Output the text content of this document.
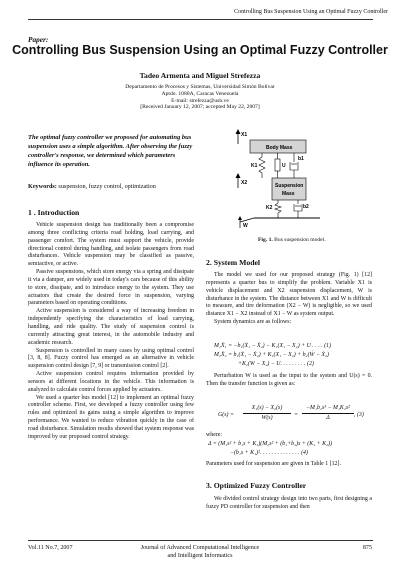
Controlling Bus Suspension Using an Optimal Fuzzy Controller
Paper:
Controlling Bus Suspension Using an Optimal Fuzzy Controller
Tadeo Armenta and Miguel Strefezza
Departamento de Procesos y Sistemas, Universidad Simón Bolívar
Aptdo. 1080A, Caracas Venezuela
E-mail: strefezza@usb.ve
[Received January 12, 2007; accepted May 22, 2007]
The optimal fuzzy controller we proposed for automating bus suspension uses a simple algorithm. After observing the fuzzy controller's response, we determined which parameters influence its operation.
Keywords: suspension, fuzzy control, optimization
1 . Introduction

Vehicle suspension design has traditionally been a compromise among three conflicting criteria road holding, load carrying, and passenger comfort. The system must support the vehicle, provide directional control during handling, and isolate passengers from road disturbances. Vehicle suspension may be classified as passive, semiactive, or active.

Passive suspensions, which store energy via a spring and dissipate it via a damper, are widely used in today's cars because of this ability to store, dissipate, and to introduce energy to the system. They use actuators that create the desired force in suspension, varying parameters based on operating conditions.

Active suspension is considered a way of increasing freedom in independently specifying the characteristics of load carrying, handling, and ride quality. The study of suspension control is currently attracting great interest, in the automobile industry and academic research.

Suspension is controlled in many cases by using optimal control [3, 8, 8]. Fuzzy control has emerged as an alternative in vehicle suspension control design [7, 9] or transmission control [2].

Active suspension control requires information provided by sensors at different locations in the vehicle. This information is analyzed to calculate control forces applied by actuators.

We used a quarter bus model [12] to implement an optimal fuzzy controller scheme. First, we developed a fuzzy controller using few rules and optimized its gains using a simple algorithm to improve performance. We wanted to reduce vibration quickly in the case of road disturbance. Simulation results showed that system response was improved by our proposed control strategy.

X1
Body Mass
K1	U
b1
X2	Suspension
Mass
K2	b2
W
Fig. 1. Bus suspension model.
2. System Model

The model we used for our proposed strategy (Fig. 1) [12] represents a quarter bus to simplify the problem. Variable X1 is vehicle displacement and X2 suspension displacement, W is disturbance in the system. The distance between X1 and W is difficult to measure, and tire deformation (X2 − W) is negligible, so we used distance X1 − X2 instead of X1 − W as system output.

System dynamics are as follows:

M₁Ẍ₁ = −b₁(Ẋ₁ − Ẋ₂) − K₁(X₁ − X₂) + U . . . . (1)
M₂Ẍ₂ = b₁(Ẋ₁ − Ẋ₂) + K₁(X₁ − X₂) + b₂(Ẇ − Ẋ₂)
+K₂(W − X₂) − U. . . . . . . . . (2)

Perturbation W is used as the input to the system and U(s) = 0. Then the transfer function is given as:

G(s) =
X₁(s) − X₂(s)
W(s)	=
−M₁b₂s³ − M₁K₂s²
Δ	, (3)
where:
Δ = (M₁s² + b₁s + K₁)(M₂s² + (b₁+b₂)s + (K₁ + K₂))
−(b₁s + K₁)². . . . . . . . . . . . . . (4)

Parameters used for suspension are given in Table 1 [12].

3. Optimized Fuzzy Controller

We divided control strategy design into two parts, first designing a fuzzy PD controller for suspension and then

Vol.11 No.7, 2007	Journal of Advanced Computational Intelligence
and Intelligent Informatics
875
